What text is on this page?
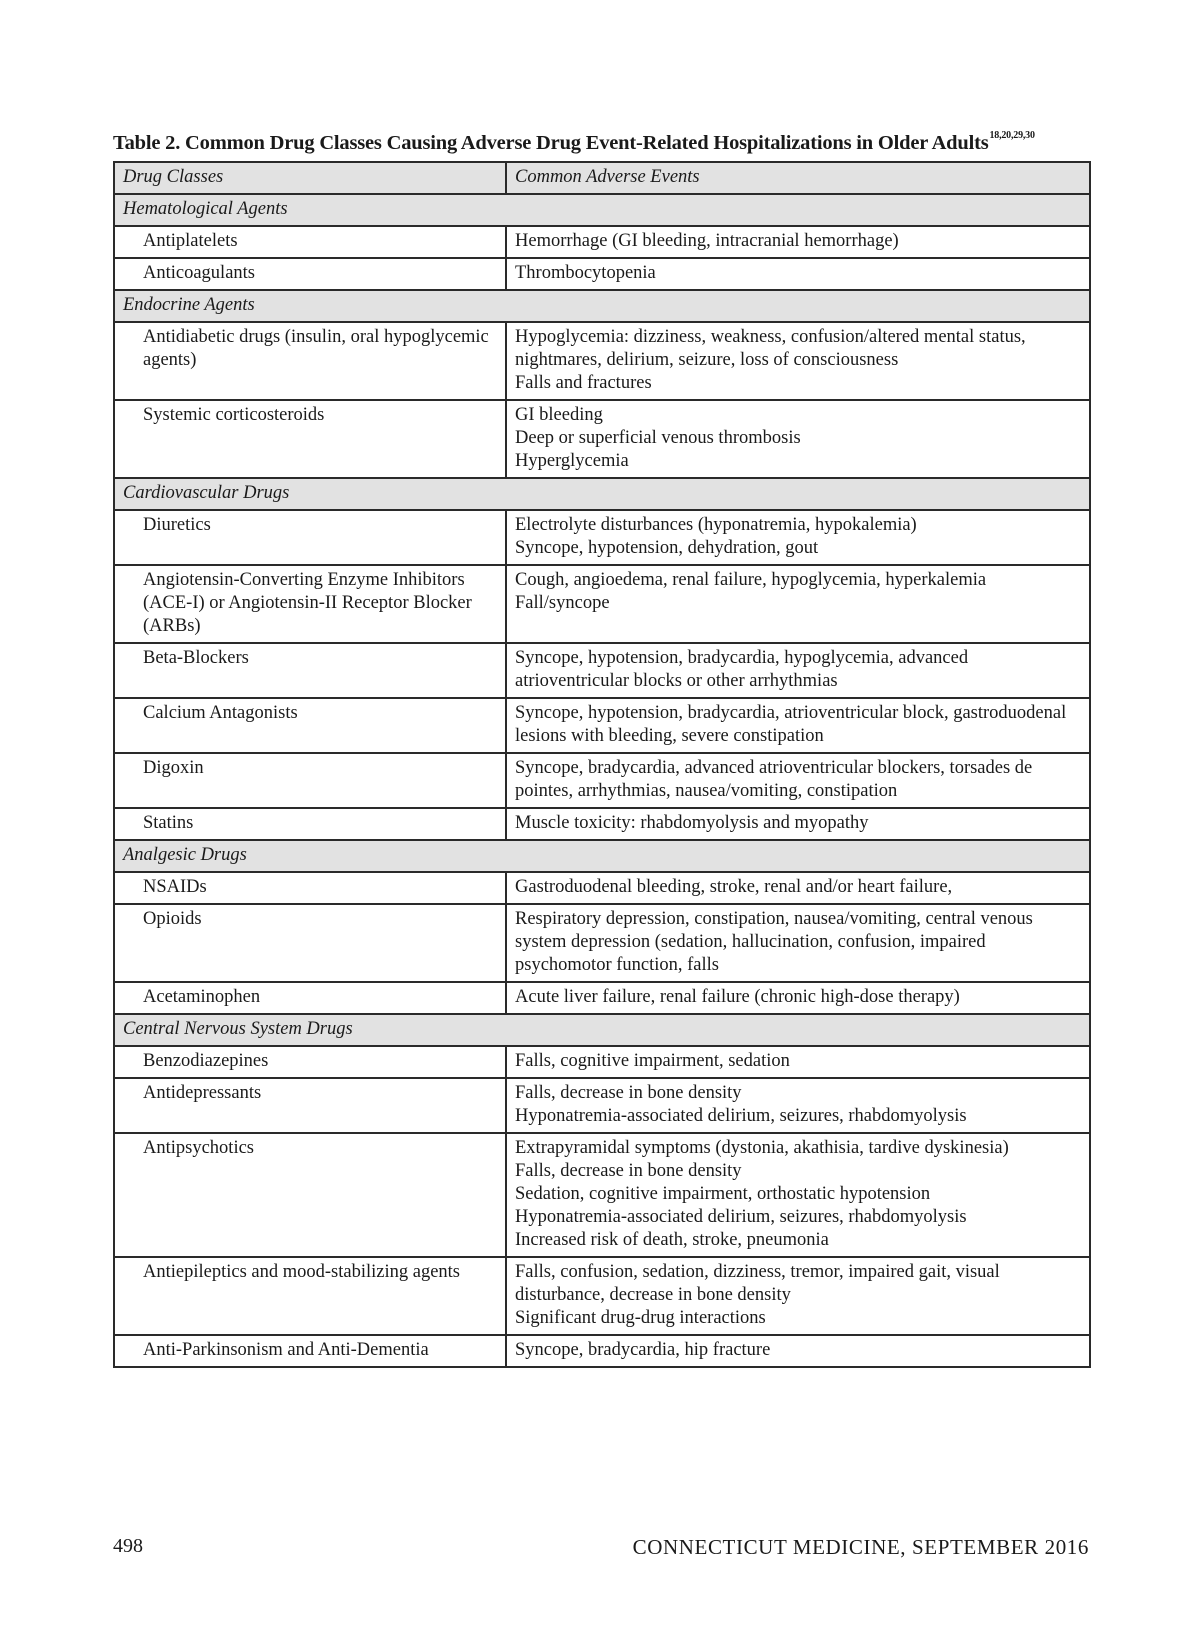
Table 2. Common Drug Classes Causing Adverse Drug Event-Related Hospitalizations in Older Adults$^{18,20,29,30}$
Drug Classes	Common Adverse Events
Hematological Agents	
Antiplatelets	Hemorrhage (GI bleeding, intracranial hemorrhage)

Anticoagulants	Thrombocytopenia

Endocrine Agents	
Antidiabetic drugs (insulin, oral hypoglycemic agents)	Hypoglycemia: dizziness, weakness, confusion/altered mental status, nightmares, delirium, seizure, loss of consciousness
Falls and fractures

Systemic corticosteroids	GI bleeding
Deep or superficial venous thrombosis
Hyperglycemia

Cardiovascular Drugs	
Diuretics	Electrolyte disturbances (hyponatremia, hypokalemia)
Syncope, hypotension, dehydration, gout

Angiotensin-Converting Enzyme Inhibitors (ACE-I) or Angiotensin-II Receptor Blocker (ARBs)	Cough, angioedema, renal failure, hypoglycemia, hyperkalemia
Fall/syncope

Beta-Blockers	Syncope, hypotension, bradycardia, hypoglycemia, advanced atrioventricular blocks or other arrhythmias

Calcium Antagonists	Syncope, hypotension, bradycardia, atrioventricular block, gastroduodenal lesions with bleeding, severe constipation

Digoxin	Syncope, bradycardia, advanced atrioventricular blockers, torsades de pointes, arrhythmias, nausea/vomiting, constipation

Statins	Muscle toxicity: rhabdomyolysis and myopathy

Analgesic Drugs	
NSAIDs	Gastroduodenal bleeding, stroke, renal and/or heart failure,

Opioids	Respiratory depression, constipation, nausea/vomiting, central venous system depression (sedation, hallucination, confusion, impaired psychomotor function, falls

Acetaminophen	Acute liver failure, renal failure (chronic high-dose therapy)

Central Nervous System Drugs	
Benzodiazepines	Falls, cognitive impairment, sedation

Antidepressants	Falls, decrease in bone density
Hyponatremia-associated delirium, seizures, rhabdomyolysis

Antipsychotics	Extrapyramidal symptoms (dystonia, akathisia, tardive dyskinesia)
Falls, decrease in bone density
Sedation, cognitive impairment, orthostatic hypotension
Hyponatremia-associated delirium, seizures, rhabdomyolysis
Increased risk of death, stroke, pneumonia

Antiepileptics and mood-stabilizing agents	Falls, confusion, sedation, dizziness, tremor, impaired gait, visual disturbance, decrease in bone density
Significant drug-drug interactions

Anti-Parkinsonism and Anti-Dementia	Syncope, bradycardia, hip fracture
498	CONNECTICUT MEDICINE, SEPTEMBER 2016
